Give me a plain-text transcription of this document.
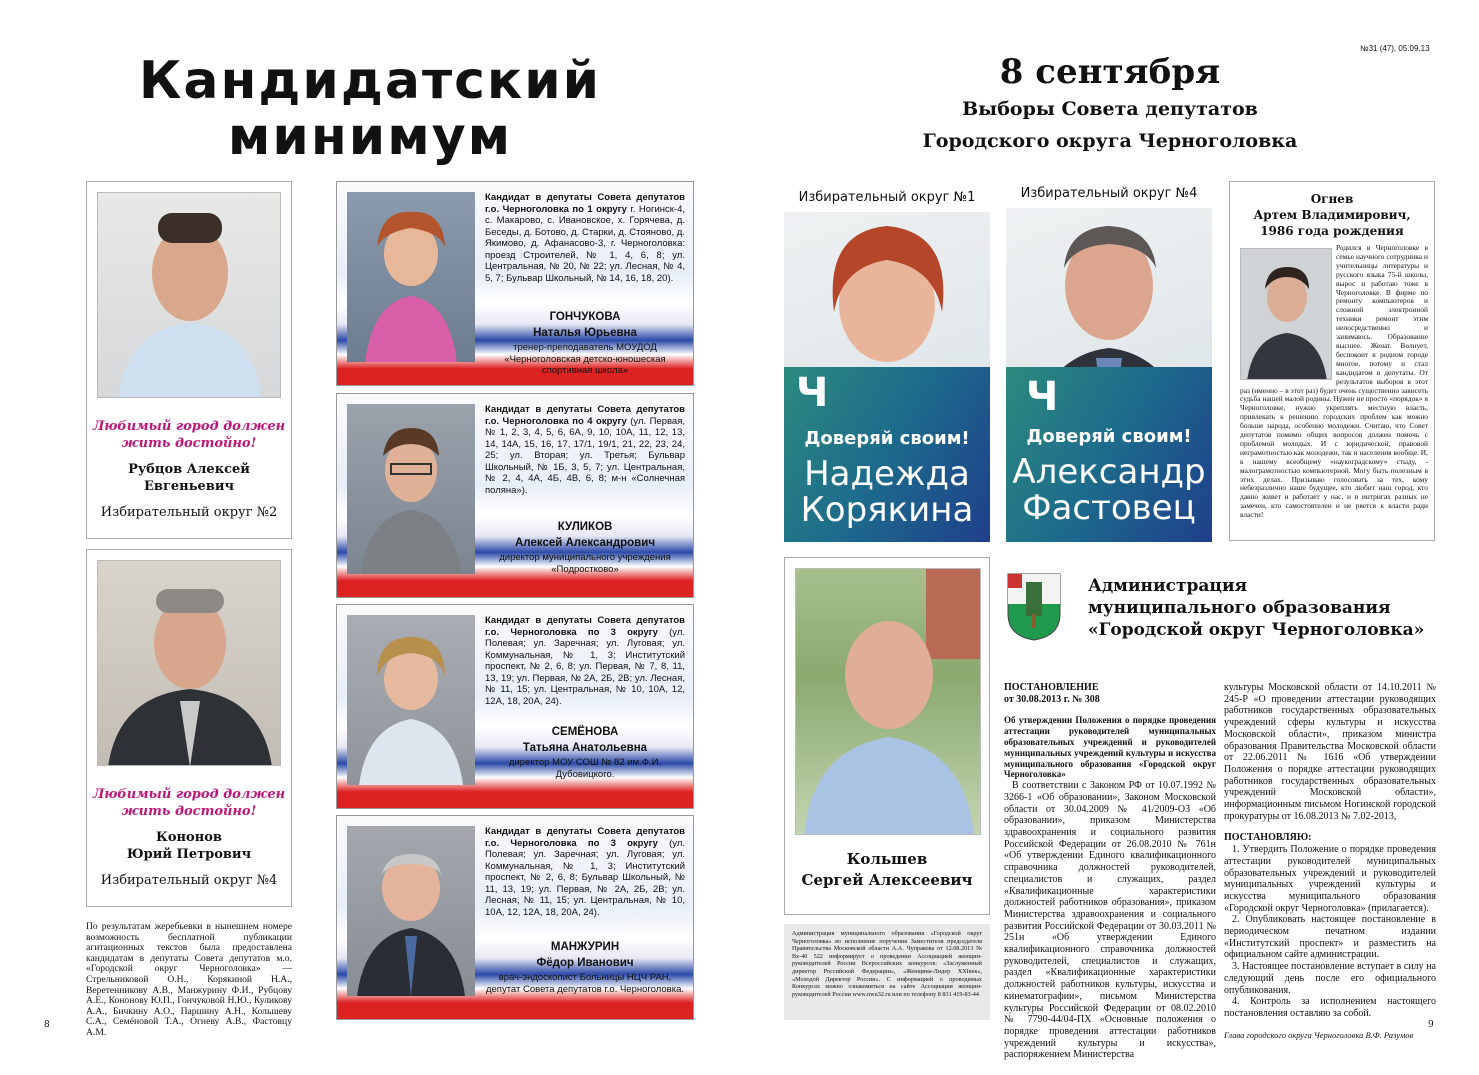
Кандидатский
минимум
Любимый город должен
жить достойно!
Рубцов Алексей
Евгеньевич
Избирательный округ №2
Любимый город должен
жить достойно!
Кононов
Юрий Петрович
Избирательный округ №4
По результатам жеребьевки в нынешнем номере возможность бесплатной публикации агитационных текстов была предоставлена кандидатам в депутаты Совета депутатов м.о. «Городской округ Черноголовка» — Стрельниковой О.Н., Корякиной Н.А., Веретенникову А.В., Манжурину Ф.И., Рубцову А.Е., Кононову Ю.П., Гончуковой Н.Ю., Куликову А.А., Бичкину А.О., Паршину А.Н., Кольшеву С.А., Семёновой Т.А., Огневу А.В., Фастовцу А.М.
8
Кандидат в депутаты Совета депутатов г.о. Черноголовка по 1 округу г. Ногинск-4, с. Макарово, с. Ивановское, х. Горячева, д. Беседы, д. Ботово, д. Старки, д. Стояново, д. Якимово, д. Афанасово-3, г. Черноголовка: проезд Строителей, № 1, 4, 6, 8; ул. Центральная, № 20, № 22; ул. Лесная, № 4, 5, 7; Бульвар Школьный, № 14, 16, 18, 20).
ГОНЧУКОВА
Наталья Юрьевна
тренер-преподаватель МОУДОД «Черноголовская детско-юношеская спортивная школа»
Кандидат в депутаты Совета депутатов г.о. Черноголовка по 4 округу (ул. Первая, № 1, 2, 3, 4, 5, 6, 6А, 9, 10, 10А, 11, 12, 13, 14, 14А, 15, 16, 17, 17/1, 19/1, 21, 22, 23, 24, 25; ул. Вторая; ул. Третья; Бульвар Школьный, № 1Б, 3, 5, 7; ул. Центральная, № 2, 4, 4А, 4Б, 4В, 6, 8; м-н «Солнечная поляна»).
КУЛИКОВ
Алексей Александрович
директор муниципального учреждения «Подростково»
Кандидат в депутаты Совета депутатов г.о. Черноголовка по 3 округу (ул. Полевая; ул. Заречная; ул. Луговая; ул. Коммунальная, № 1, 3; Институтский проспект, № 2, 6, 8; ул. Первая, № 7, 8, 11, 13, 19; ул. Первая, № 2А, 2Б, 2В; ул. Лесная, № 11, 15; ул. Центральная, № 10, 10А, 12, 12А, 18, 20А, 24).
СЕМЁНОВА
Татьяна Анатольевна
директор МОУ СОШ № 82 им.Ф.И. Дубовицкого.
Кандидат в депутаты Совета депутатов г.о. Черноголовка по 3 округу (ул. Полевая; ул. Заречная; ул. Луговая; ул. Коммунальная, № 1, 3; Институтский проспект, № 2, 6, 8; Бульвар Школьный, № 11, 13, 19; ул. Первая, № 2А, 2Б, 2В; ул. Лесная, № 11, 15; ул. Центральная, № 10, 10А, 12, 12А, 18, 20А, 24).
МАНЖУРИН
Фёдор Иванович
врач-эндоскопист Больницы НЦЧ РАН, депутат Совета депутатов г.о. Черноголовка.
№31 (47), 05.09.13
8 сентября
Выборы Совета депутатов
Городского округа Черноголовка
Избирательный округ №1
Ч
Доверяй своим!
Надежда
Корякина
Избирательный округ №4
Ч
Доверяй своим!
Александр
Фастовец
Огнев
Артем Владимирович,
1986 года рождения
Родился в Черноголовке в семье научного сотрудника и учительницы литературы и русского языка 75-й школы, вырос и работаю тоже в Черноголовке. В фирме по ремонту компьютеров и сложной электронной техники ремонт этим непосредственно и занимаюсь. Образование высшее. Женат. Волнует, беспокоит в родном городе многое, потому и стал кандидатом в депутаты. От результатов выборов в этот раз (именно – в этот раз) будет очень существенно зависеть судьба нашей малой родины. Нужен не просто «порядок» в Черноголовке, нужно укреплять местную власть, привлекать к решению городских проблем как можно больше народа, особенно молодежи. Считаю, что Совет депутатов помимо общих вопросов должен помочь с проблемой молодых. И с юридической, правовой неграмотностью как молодежи, так и населения вообще. И, к нашему всеобщему «наукоградскому» стыду, - малограмотностью компьютерной. Могу быть полезным в этих делах. Призываю голосовать за тех, кому небезразлично наше будущее, кто любит наш город, кто давно живет и работает у нас, и в интригах разных не замечен, кто самостоятелен и не рвется к власти ради власти!
Кольшев
Сергей Алексеевич
Администрация муниципального образования «Городской округ Черноголовка» во исполнение поручения Заместителя председателя Правительства Московской области А.А. Чупракова от 12.08.2013 № Вх-40 522 информирует о проведении Ассоциацией женщин-руководителей России Всероссийских конкурсов: «Заслуженный директор Российской Федерации», «Женщина-Лидер XXIвек», «Молодой Директор России». С информацией о проводимых Конкурсах можно ознакомиться на сайте Ассоциации женщин-руководителей России www.nwu32.ru или по телефону 8 831 419-83-44
Администрация
муниципального образования
«Городской округ Черноголовка»
ПОСТАНОВЛЕНИЕ
от 30.08.2013 г. № 308
Об утверждении Положения о порядке проведения аттестации руководителей муниципальных образовательных учреждений и руководителей муниципальных учреждений культуры и искусства муниципального образования «Городской округ Черноголовка»
В соответствии с Законом РФ от 10.07.1992 № 3266-1 «Об образовании», Законом Московской области от 30.04.2009 № 41/2009-ОЗ «Об образовании», приказом Министерства здравоохранения и социального развития Российской Федерации от 26.08.2010 № 761н «Об утверждении Единого квалификационного справочника должностей руководителей, специалистов и служащих, раздел «Квалификационные характеристики должностей работников образования», приказом Министерства здравоохранения и социального развития Российской Федерации от 30.03.2011 № 251н «Об утверждении Единого квалификационного справочника должностей руководителей, специалистов и служащих, раздел «Квалификационные характеристики должностей работников культуры, искусства и кинематографии», письмом Министерства культуры Российской Федерации от 08.02.2010 № 7790-44/04-ПХ «Основные положения о порядке проведения аттестации работников учреждений культуры и искусства», распоряжением Министерства
культуры Московской области от 14.10.2011 № 245-Р «О проведении аттестации руководящих работников государственных образовательных учреждений сферы культуры и искусства Московской области», приказом министра образования Правительства Московской области от 22.06.2011 № 1616 «Об утверждении Положения о порядке аттестации руководящих работников государственных образовательных учреждений Московской области», информационным письмом Ногинской городской прокуратуры от 16.08.2013 № 7.02-2013,
ПОСТАНОВЛЯЮ:
1. Утвердить Положение о порядке проведения аттестации руководителей муниципальных образовательных учреждений и руководителей муниципальных учреждений культуры и искусства муниципального образования «Городской округ Черноголовка» (прилагается).
2. Опубликовать настоящее постановление в периодическом печатном издании «Институтский проспект» и разместить на официальном сайте администрации.
3. Настоящее постановление вступает в силу на следующий день после его официального опубликования.
4. Контроль за исполнением настоящего постановления оставляю за собой.
Глава городского округа Черноголовка В.Ф. Разумов
9
